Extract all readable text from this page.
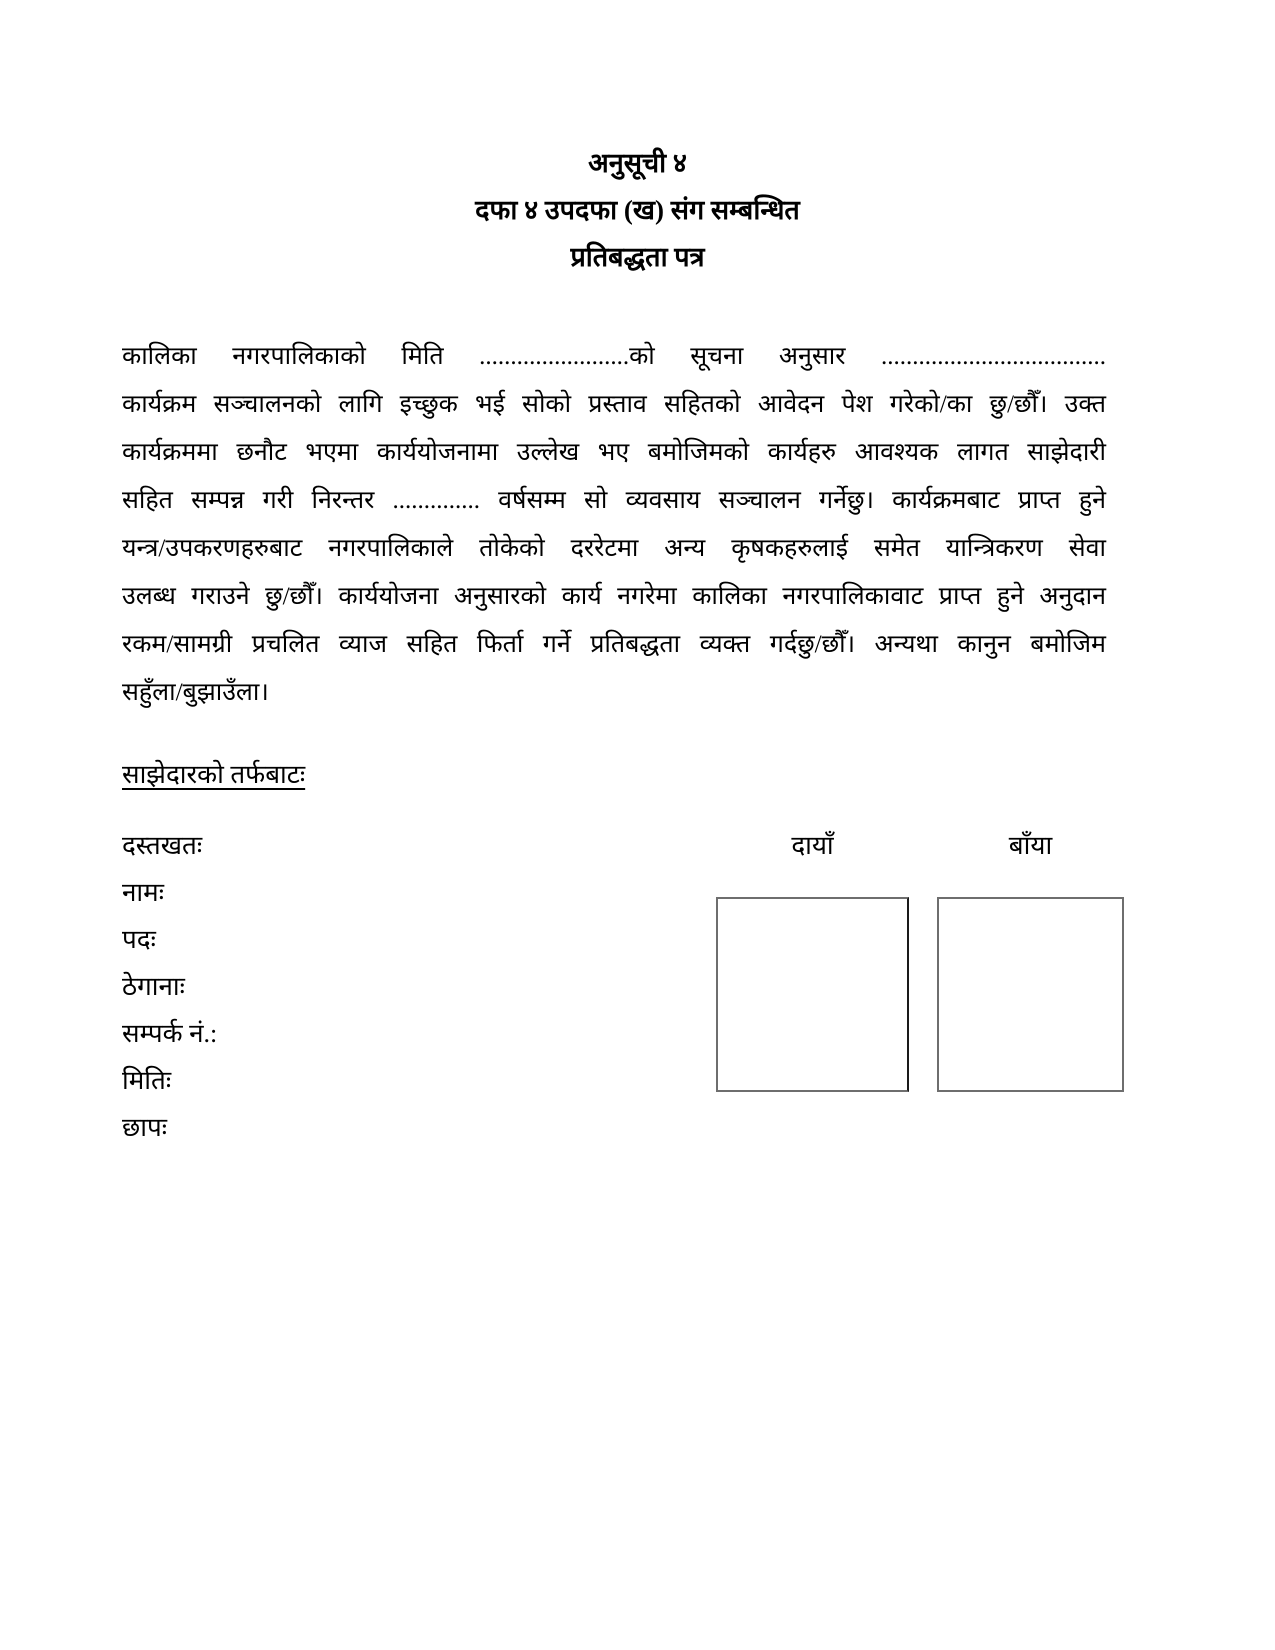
अनुसूची ४
दफा ४ उपदफा (ख) संग सम्बन्धित
प्रतिबद्धता पत्र
कालिका नगरपालिकाको मिति ........................को सूचना अनुसार ....................................
कार्यक्रम सञ्चालनको लागि इच्छुक भई सोको प्रस्ताव सहितको आवेदन पेश गरेको/का छु/छौँ। उक्त
कार्यक्रममा छनौट भएमा कार्ययोजनामा उल्लेख भए बमोजिमको कार्यहरु आवश्यक लागत साझेदारी
सहित सम्पन्न गरी निरन्तर .............. वर्षसम्म सो व्यवसाय सञ्चालन गर्नेछु। कार्यक्रमबाट प्राप्त हुने
यन्त्र/उपकरणहरुबाट नगरपालिकाले तोकेको दररेटमा अन्य कृषकहरुलाई समेत यान्त्रिकरण सेवा
उलब्ध गराउने छु/छौँ। कार्ययोजना अनुसारको कार्य नगरेमा कालिका नगरपालिकावाट प्राप्त हुने अनुदान
रकम/सामग्री प्रचलित व्याज सहित फिर्ता गर्ने प्रतिबद्धता व्यक्त गर्दछु/छौँ। अन्यथा कानुन बमोजिम
सहुँला/बुझाउँला।
साझेदारको तर्फबाटः
दस्तखतः
नामः
पदः
ठेगानाः
सम्पर्क नं.:
मितिः
छापः
दायाँ	बाँया
